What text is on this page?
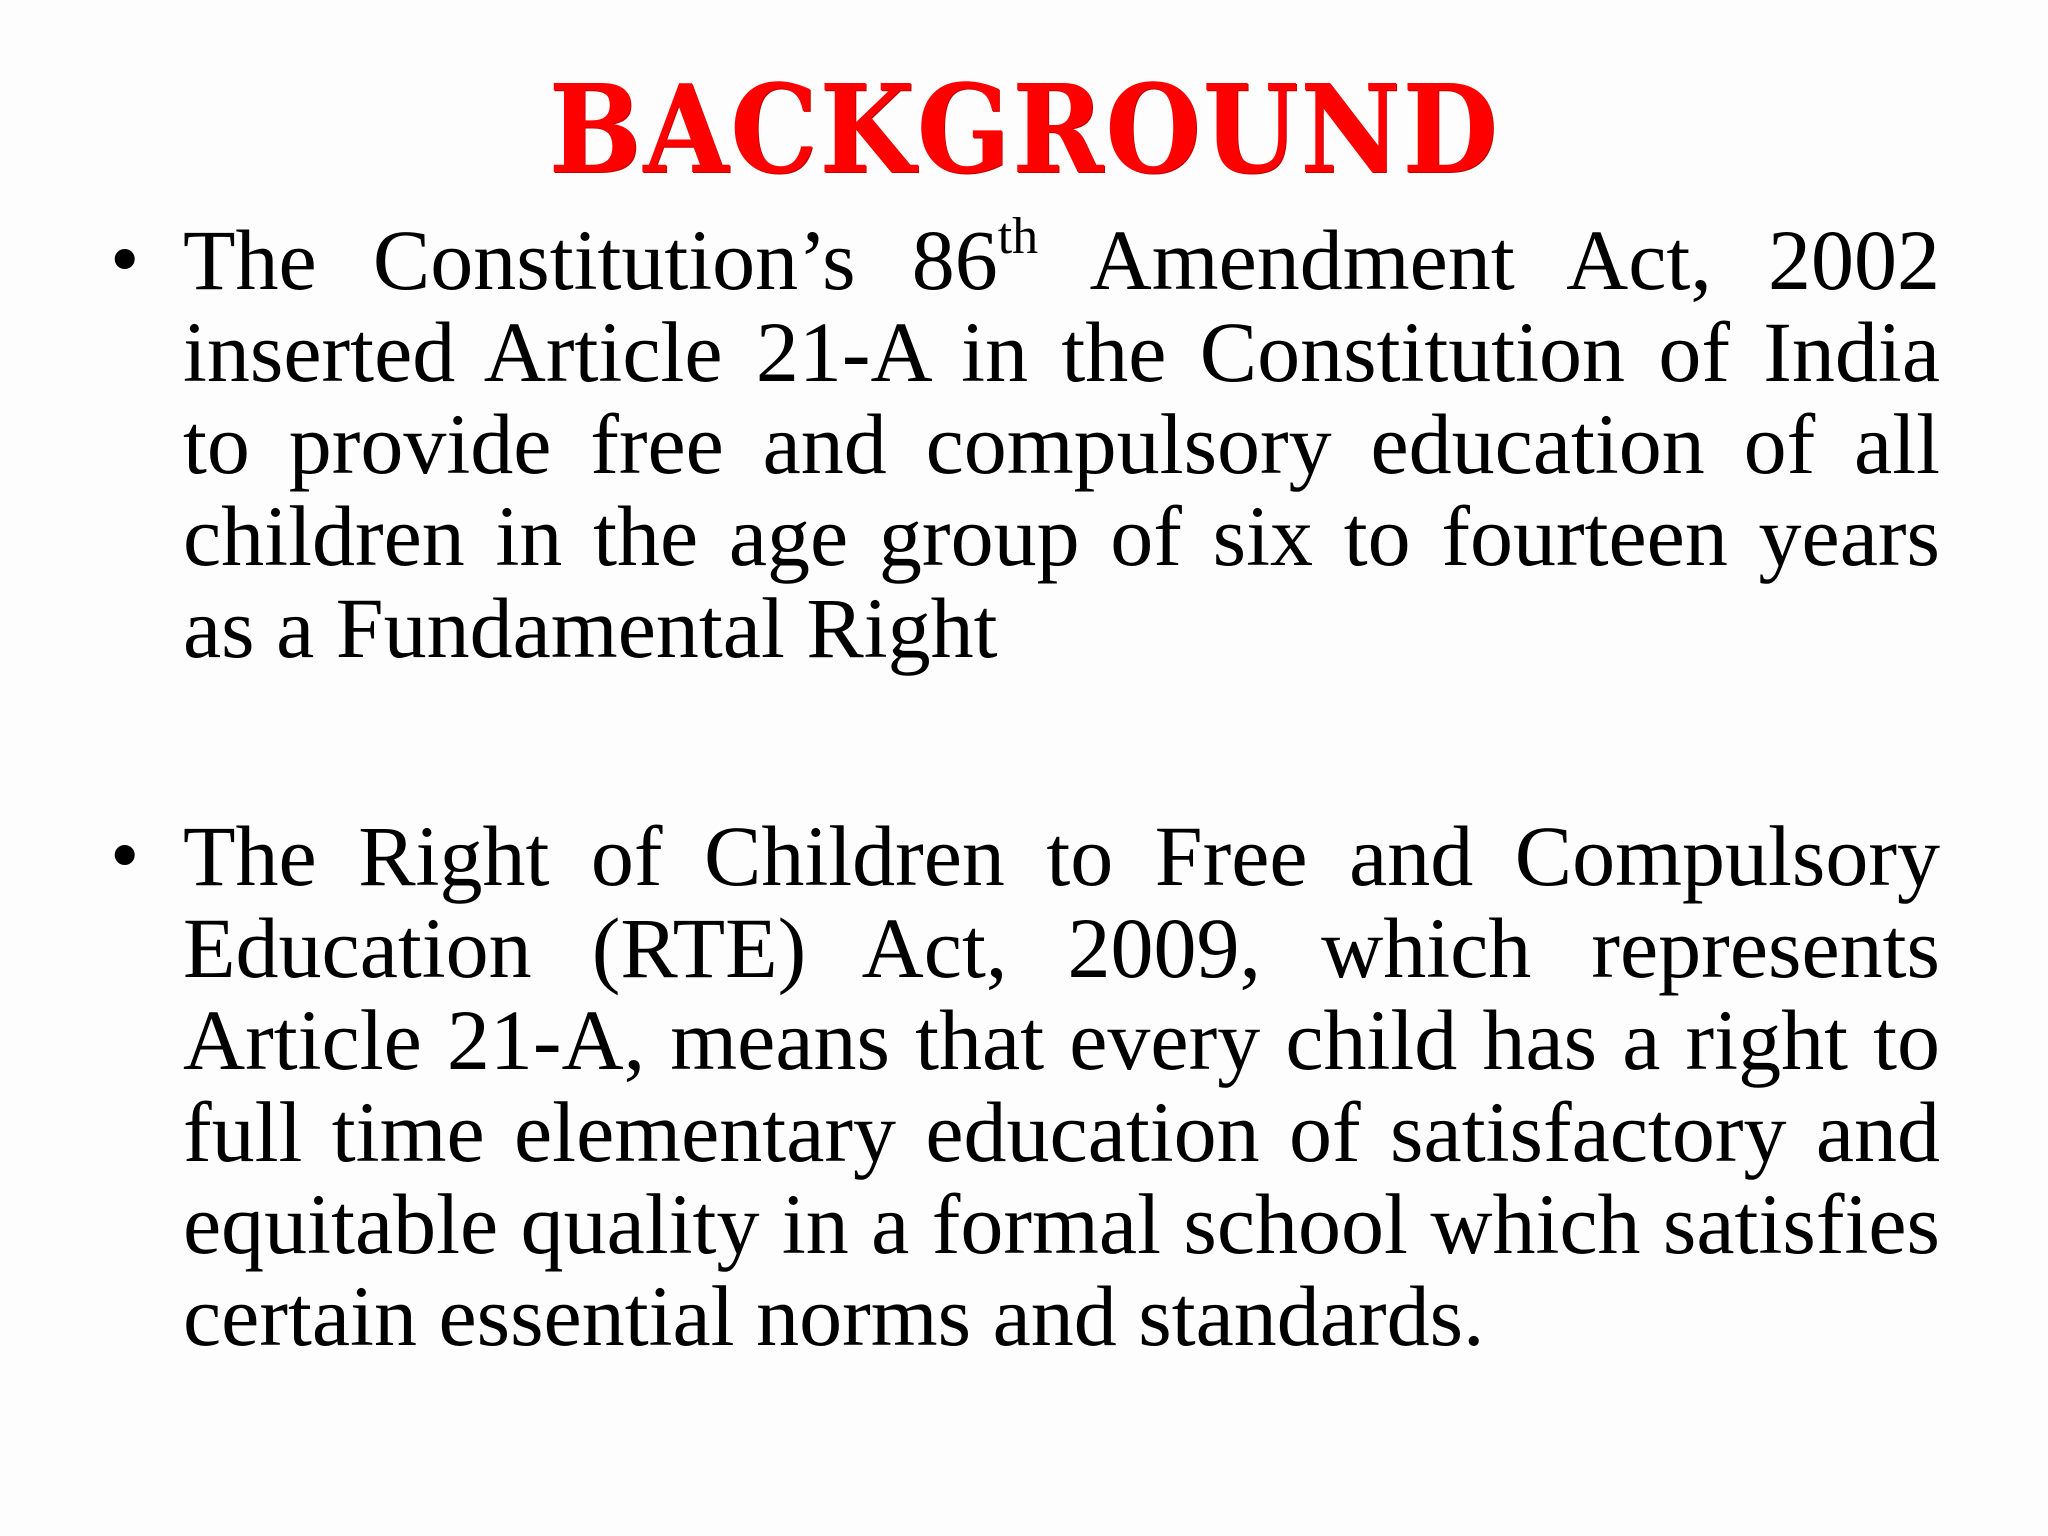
BACKGROUND
• The Constitution’s 86th Amendment Act, 2002 inserted Article 21-A in the Constitution of India to provide free and compulsory education of all children in the age group of six to fourteen years as a Fundamental Right

• The Right of Children to Free and Compulsory Education (RTE) Act, 2009, which represents Article 21-A, means that every child has a right to full time elementary education of satisfactory and equitable quality in a formal school which satisfies certain essential norms and standards.
